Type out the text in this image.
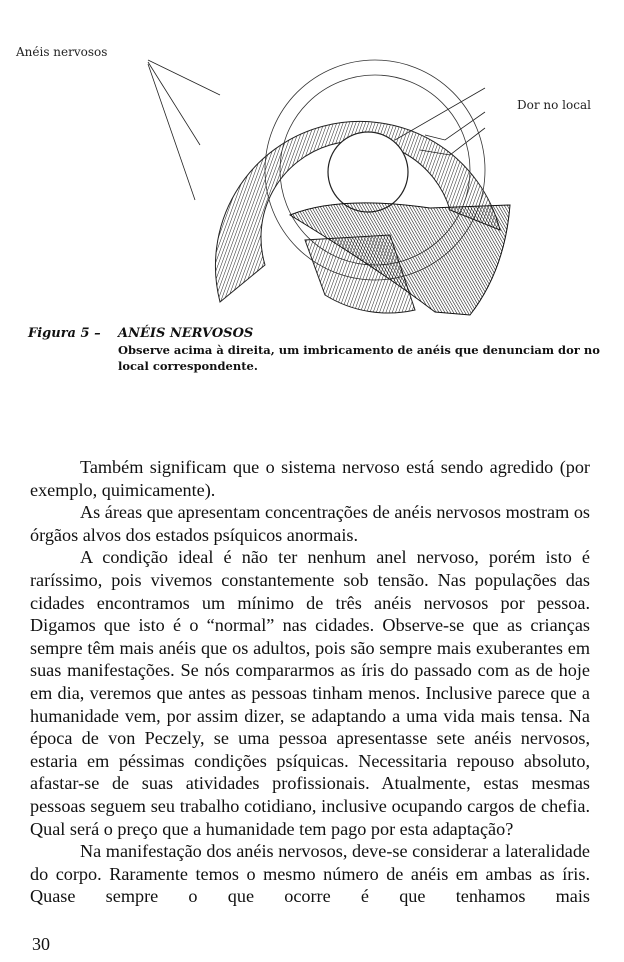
Anéis nervosos
Dor no local
Figura 5 – ANÉIS NERVOSOS
Observe acima à direita, um imbricamento de anéis que denunciam dor no local correspondente.

Também significam que o sistema nervoso está sendo agredido (por exemplo, quimicamente).

As áreas que apresentam concentrações de anéis nervosos mostram os órgãos alvos dos estados psíquicos anormais.

A condição ideal é não ter nenhum anel nervoso, porém isto é raríssimo, pois vivemos constantemente sob tensão. Nas populações das cidades encontramos um mínimo de três anéis nervosos por pessoa. Digamos que isto é o “normal” nas cidades. Observe-se que as crianças sempre têm mais anéis que os adultos, pois são sempre mais exuberantes em suas manifestações. Se nós compararmos as íris do passado com as de hoje em dia, veremos que antes as pessoas tinham menos. Inclusive parece que a humanidade vem, por assim dizer, se adaptando a uma vida mais tensa. Na época de von Peczely, se uma pessoa apresentasse sete anéis nervosos, estaria em péssimas condições psíquicas. Necessitaria repouso absoluto, afastar-se de suas atividades profissionais. Atualmente, estas mesmas pessoas seguem seu trabalho cotidiano, inclusive ocupando cargos de chefia. Qual será o preço que a humanidade tem pago por esta adaptação?

Na manifestação dos anéis nervosos, deve-se considerar a lateralidade do corpo. Raramente temos o mesmo número de anéis em ambas as íris. Quase sempre o que ocorre é que tenhamos mais

30
